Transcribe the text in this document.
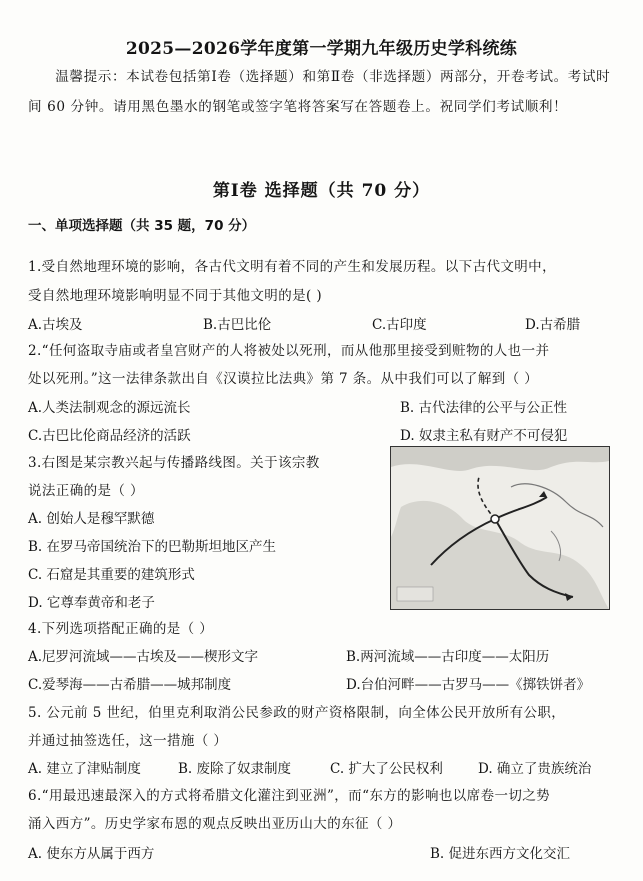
2025—2026学年度第一学期九年级历史学科统练
温馨提示：本试卷包括第Ⅰ卷（选择题）和第Ⅱ卷（非选择题）两部分，开卷考试。考试时间 60 分钟。请用黑色墨水的钢笔或签字笔将答案写在答题卷上。祝同学们考试顺利！
第Ⅰ卷 选择题（共 70 分）
一、单项选择题（共 35 题，70 分）
1.受自然地理环境的影响，各古代文明有着不同的产生和发展历程。以下古代文明中，
受自然地理环境影响明显不同于其他文明的是( )
A.古埃及	B.古巴比伦	C.古印度	D.古希腊
2.“任何盗取寺庙或者皇宫财产的人将被处以死刑，而从他那里接受到赃物的人也一并
处以死刑。”这一法律条款出自《汉谟拉比法典》第 7 条。从中我们可以了解到（ ）
A.人类法制观念的源远流长	B. 古代法律的公平与公正性
C.古巴比伦商品经济的活跃	D. 奴隶主私有财产不可侵犯
3.右图是某宗教兴起与传播路线图。关于该宗教
说法正确的是（ ）
A. 创始人是穆罕默德
B. 在罗马帝国统治下的巴勒斯坦地区产生
C. 石窟是其重要的建筑形式
D. 它尊奉黄帝和老子
4.下列选项搭配正确的是（ ）
A.尼罗河流域——古埃及——楔形文字	B.两河流域——古印度——太阳历
C.爱琴海——古希腊——城邦制度	D.台伯河畔——古罗马——《掷铁饼者》
5. 公元前 5 世纪，伯里克利取消公民参政的财产资格限制，向全体公民开放所有公职，
并通过抽签选任，这一措施（ ）
A. 建立了津贴制度	B. 废除了奴隶制度	C. 扩大了公民权利	D. 确立了贵族统治
6.“用最迅速最深入的方式将希腊文化灌注到亚洲”，而“东方的影响也以席卷一切之势
涌入西方”。历史学家布恩的观点反映出亚历山大的东征（ ）
A. 使东方从属于西方	B. 促进东西方文化交汇
